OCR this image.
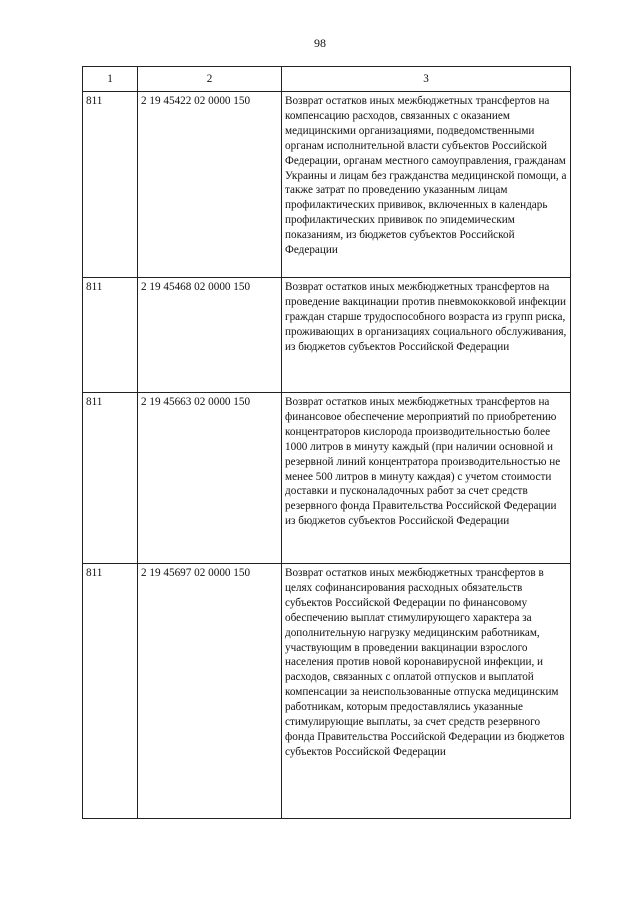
98
1	2	3
811	2 19 45422 02 0000 150	Возврат остатков иных межбюджетных трансфертов на компенсацию расходов, связанных с оказанием медицинскими организациями, подведомственными органам исполнительной власти субъектов Российской Федерации, органам местного самоуправления, гражданам Украины и лицам без гражданства медицинской помощи, а также затрат по проведению указанным лицам профилактических прививок, включенных в календарь профилактических прививок по эпидемическим показаниям, из бюджетов субъектов Российской Федерации
811	2 19 45468 02 0000 150	Возврат остатков иных межбюджетных трансфертов на проведение вакцинации против пневмококковой инфекции граждан старше трудоспособного возраста из групп риска, проживающих в организациях социального обслуживания, из бюджетов субъектов Российской Федерации
811	2 19 45663 02 0000 150	Возврат остатков иных межбюджетных трансфертов на финансовое обеспечение мероприятий по приобретению концентраторов кислорода производительностью более 1000 литров в минуту каждый (при наличии основной и резервной линий концентратора производительностью не менее 500 литров в минуту каждая) с учетом стоимости доставки и пусконаладочных работ за счет средств резервного фонда Правительства Российской Федерации из бюджетов субъектов Российской Федерации
811	2 19 45697 02 0000 150	Возврат остатков иных межбюджетных трансфертов в целях софинансирования расходных обязательств субъектов Российской Федерации по финансовому обеспечению выплат стимулирующего характера за дополнительную нагрузку медицинским работникам, участвующим в проведении вакцинации взрослого населения против новой коронавирусной инфекции, и расходов, связанных с оплатой отпусков и выплатой компенсации за неиспользованные отпуска медицинским работникам, которым предоставлялись указанные стимулирующие выплаты, за счет средств резервного фонда Правительства Российской Федерации из бюджетов субъектов Российской Федерации
